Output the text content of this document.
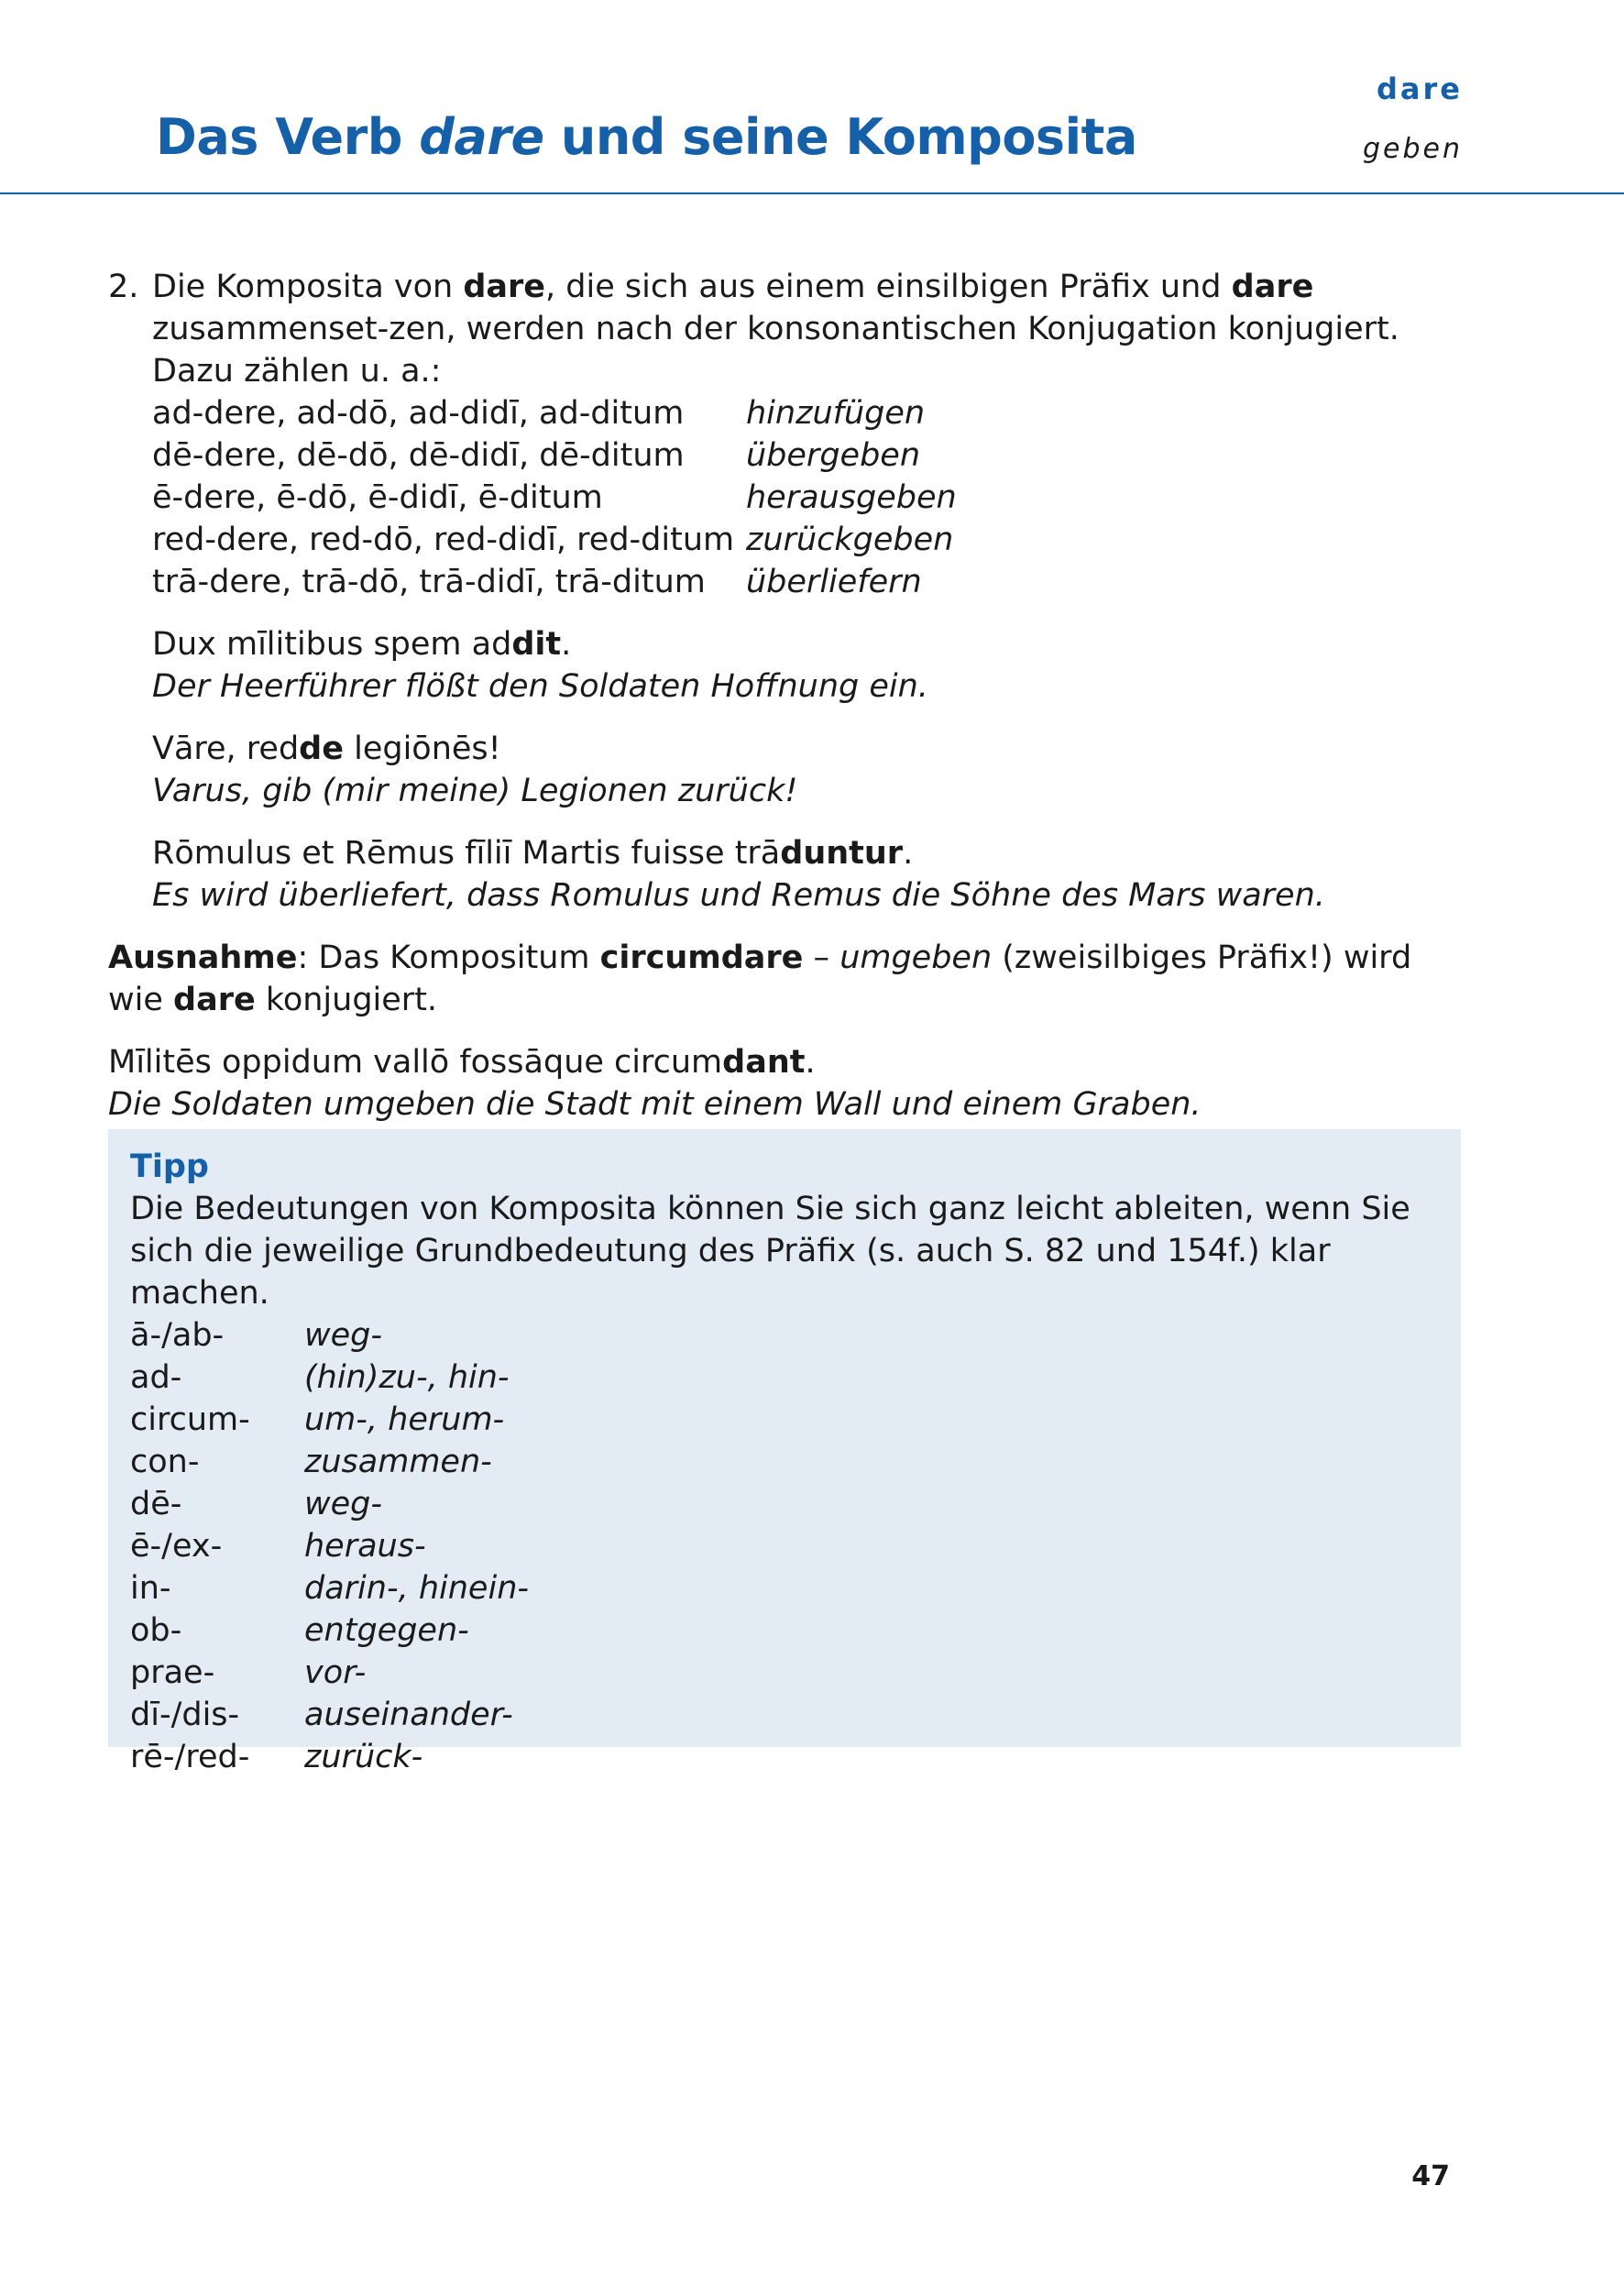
Das Verb dare und seine Komposita
dare
geben
2. Die Komposita von dare, die sich aus einem einsilbigen Präfix und dare zusammenset-zen, werden nach der konsonantischen Konjugation konjugiert. Dazu zählen u. a.:
ad-dere, ad-dō, ad-didī, ad-ditum	hinzufügen
dē-dere, dē-dō, dē-didī, dē-ditum	übergeben
ē-dere, ē-dō, ē-didī, ē-ditum	herausgeben
red-dere, red-dō, red-didī, red-ditum zurückgeben
trā-dere, trā-dō, trā-didī, trā-ditum	überliefern
Dux mīlitibus spem addit.
Der Heerführer flößt den Soldaten Hoffnung ein.
Vāre, redde legiōnēs!
Varus, gib (mir meine) Legionen zurück!
Rōmulus et Rēmus fīliī Martis fuisse trāduntur.
Es wird überliefert, dass Romulus und Remus die Söhne des Mars waren.
Ausnahme: Das Kompositum circumdare – umgeben (zweisilbiges Präfix!) wird wie dare konjugiert.
Mīlitēs oppidum vallō fossāque circumdant.
Die Soldaten umgeben die Stadt mit einem Wall und einem Graben.
Tipp
Die Bedeutungen von Komposita können Sie sich ganz leicht ableiten, wenn Sie sich die jeweilige Grundbedeutung des Präfix (s. auch S. 82 und 154f.) klar machen.
ā-/ab-	weg-
ad-	(hin)zu-, hin-
circum-	um-, herum-
con-	zusammen-
dē-	weg-
ē-/ex-	heraus-
in-	darin-, hinein-
ob-	entgegen-
prae-	vor-
dī-/dis-	auseinander-
rē-/red-	zurück-
47
